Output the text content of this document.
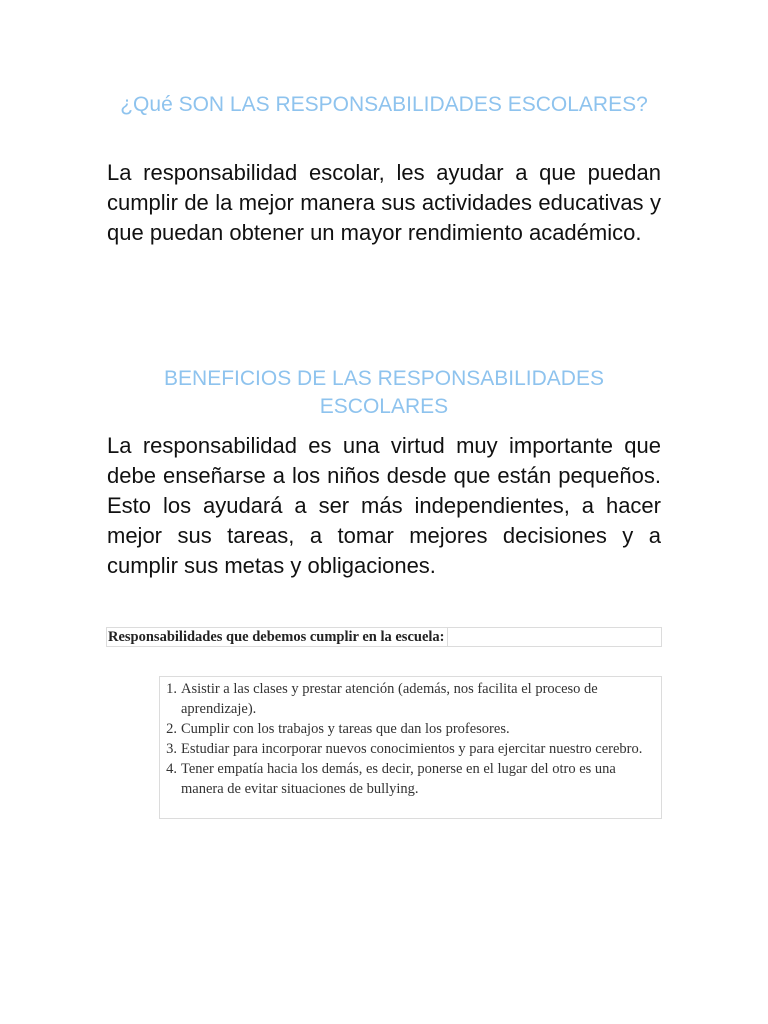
¿Qué SON LAS RESPONSABILIDADES ESCOLARES?

La responsabilidad escolar, les ayudar a que puedan cumplir de la mejor manera sus actividades educativas y que puedan obtener un mayor rendimiento académico.

BENEFICIOS DE LAS RESPONSABILIDADES ESCOLARES

La responsabilidad es una virtud muy importante que debe enseñarse a los niños desde que están pequeños. Esto los ayudará a ser más independientes, a hacer mejor sus tareas, a tomar mejores decisiones y a cumplir sus metas y obligaciones.

Responsabilidades que debemos cumplir en la escuela:
1. Asistir a las clases y prestar atención (además, nos facilita el proceso de aprendizaje).
2. Cumplir con los trabajos y tareas que dan los profesores.
3. Estudiar para incorporar nuevos conocimientos y para ejercitar nuestro cerebro.
4. Tener empatía hacia los demás, es decir, ponerse en el lugar del otro es una manera de evitar situaciones de bullying.
